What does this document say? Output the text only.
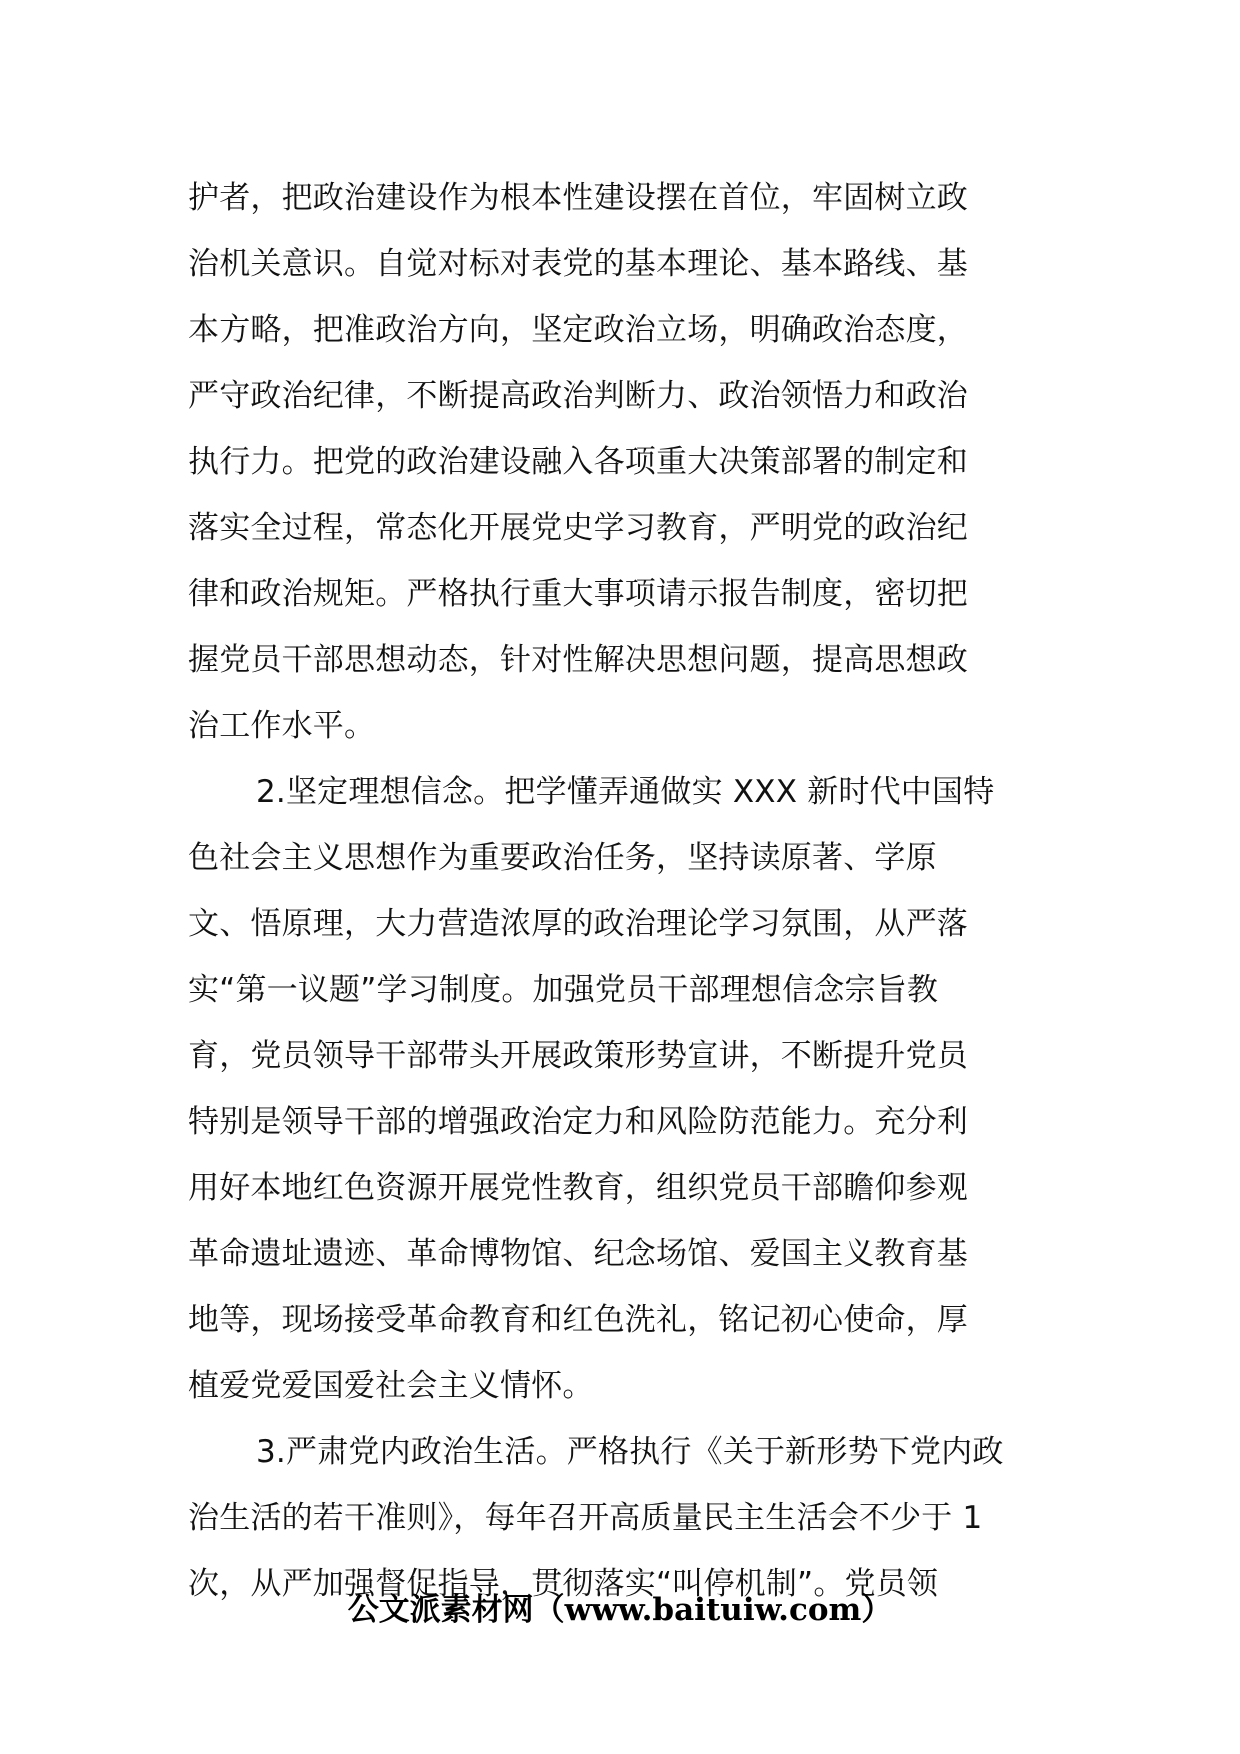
护者，把政治建设作为根本性建设摆在首位，牢固树立政
治机关意识。自觉对标对表党的基本理论、基本路线、基
本方略，把准政治方向，坚定政治立场，明确政治态度，
严守政治纪律，不断提高政治判断力、政治领悟力和政治
执行力。把党的政治建设融入各项重大决策部署的制定和
落实全过程，常态化开展党史学习教育，严明党的政治纪
律和政治规矩。严格执行重大事项请示报告制度，密切把
握党员干部思想动态，针对性解决思想问题，提高思想政
治工作水平。
2.坚定理想信念。把学懂弄通做实 XXX 新时代中国特
色社会主义思想作为重要政治任务，坚持读原著、学原
文、悟原理，大力营造浓厚的政治理论学习氛围，从严落
实“第一议题”学习制度。加强党员干部理想信念宗旨教
育，党员领导干部带头开展政策形势宣讲，不断提升党员
特别是领导干部的增强政治定力和风险防范能力。充分利
用好本地红色资源开展党性教育，组织党员干部瞻仰参观
革命遗址遗迹、革命博物馆、纪念场馆、爱国主义教育基
地等，现场接受革命教育和红色洗礼，铭记初心使命，厚
植爱党爱国爱社会主义情怀。
3.严肃党内政治生活。严格执行《关于新形势下党内政
治生活的若干准则》，每年召开高质量民主生活会不少于 1
次，从严加强督促指导，贯彻落实“叫停机制”。党员领
公文派素材网（www.baituiw.com）
